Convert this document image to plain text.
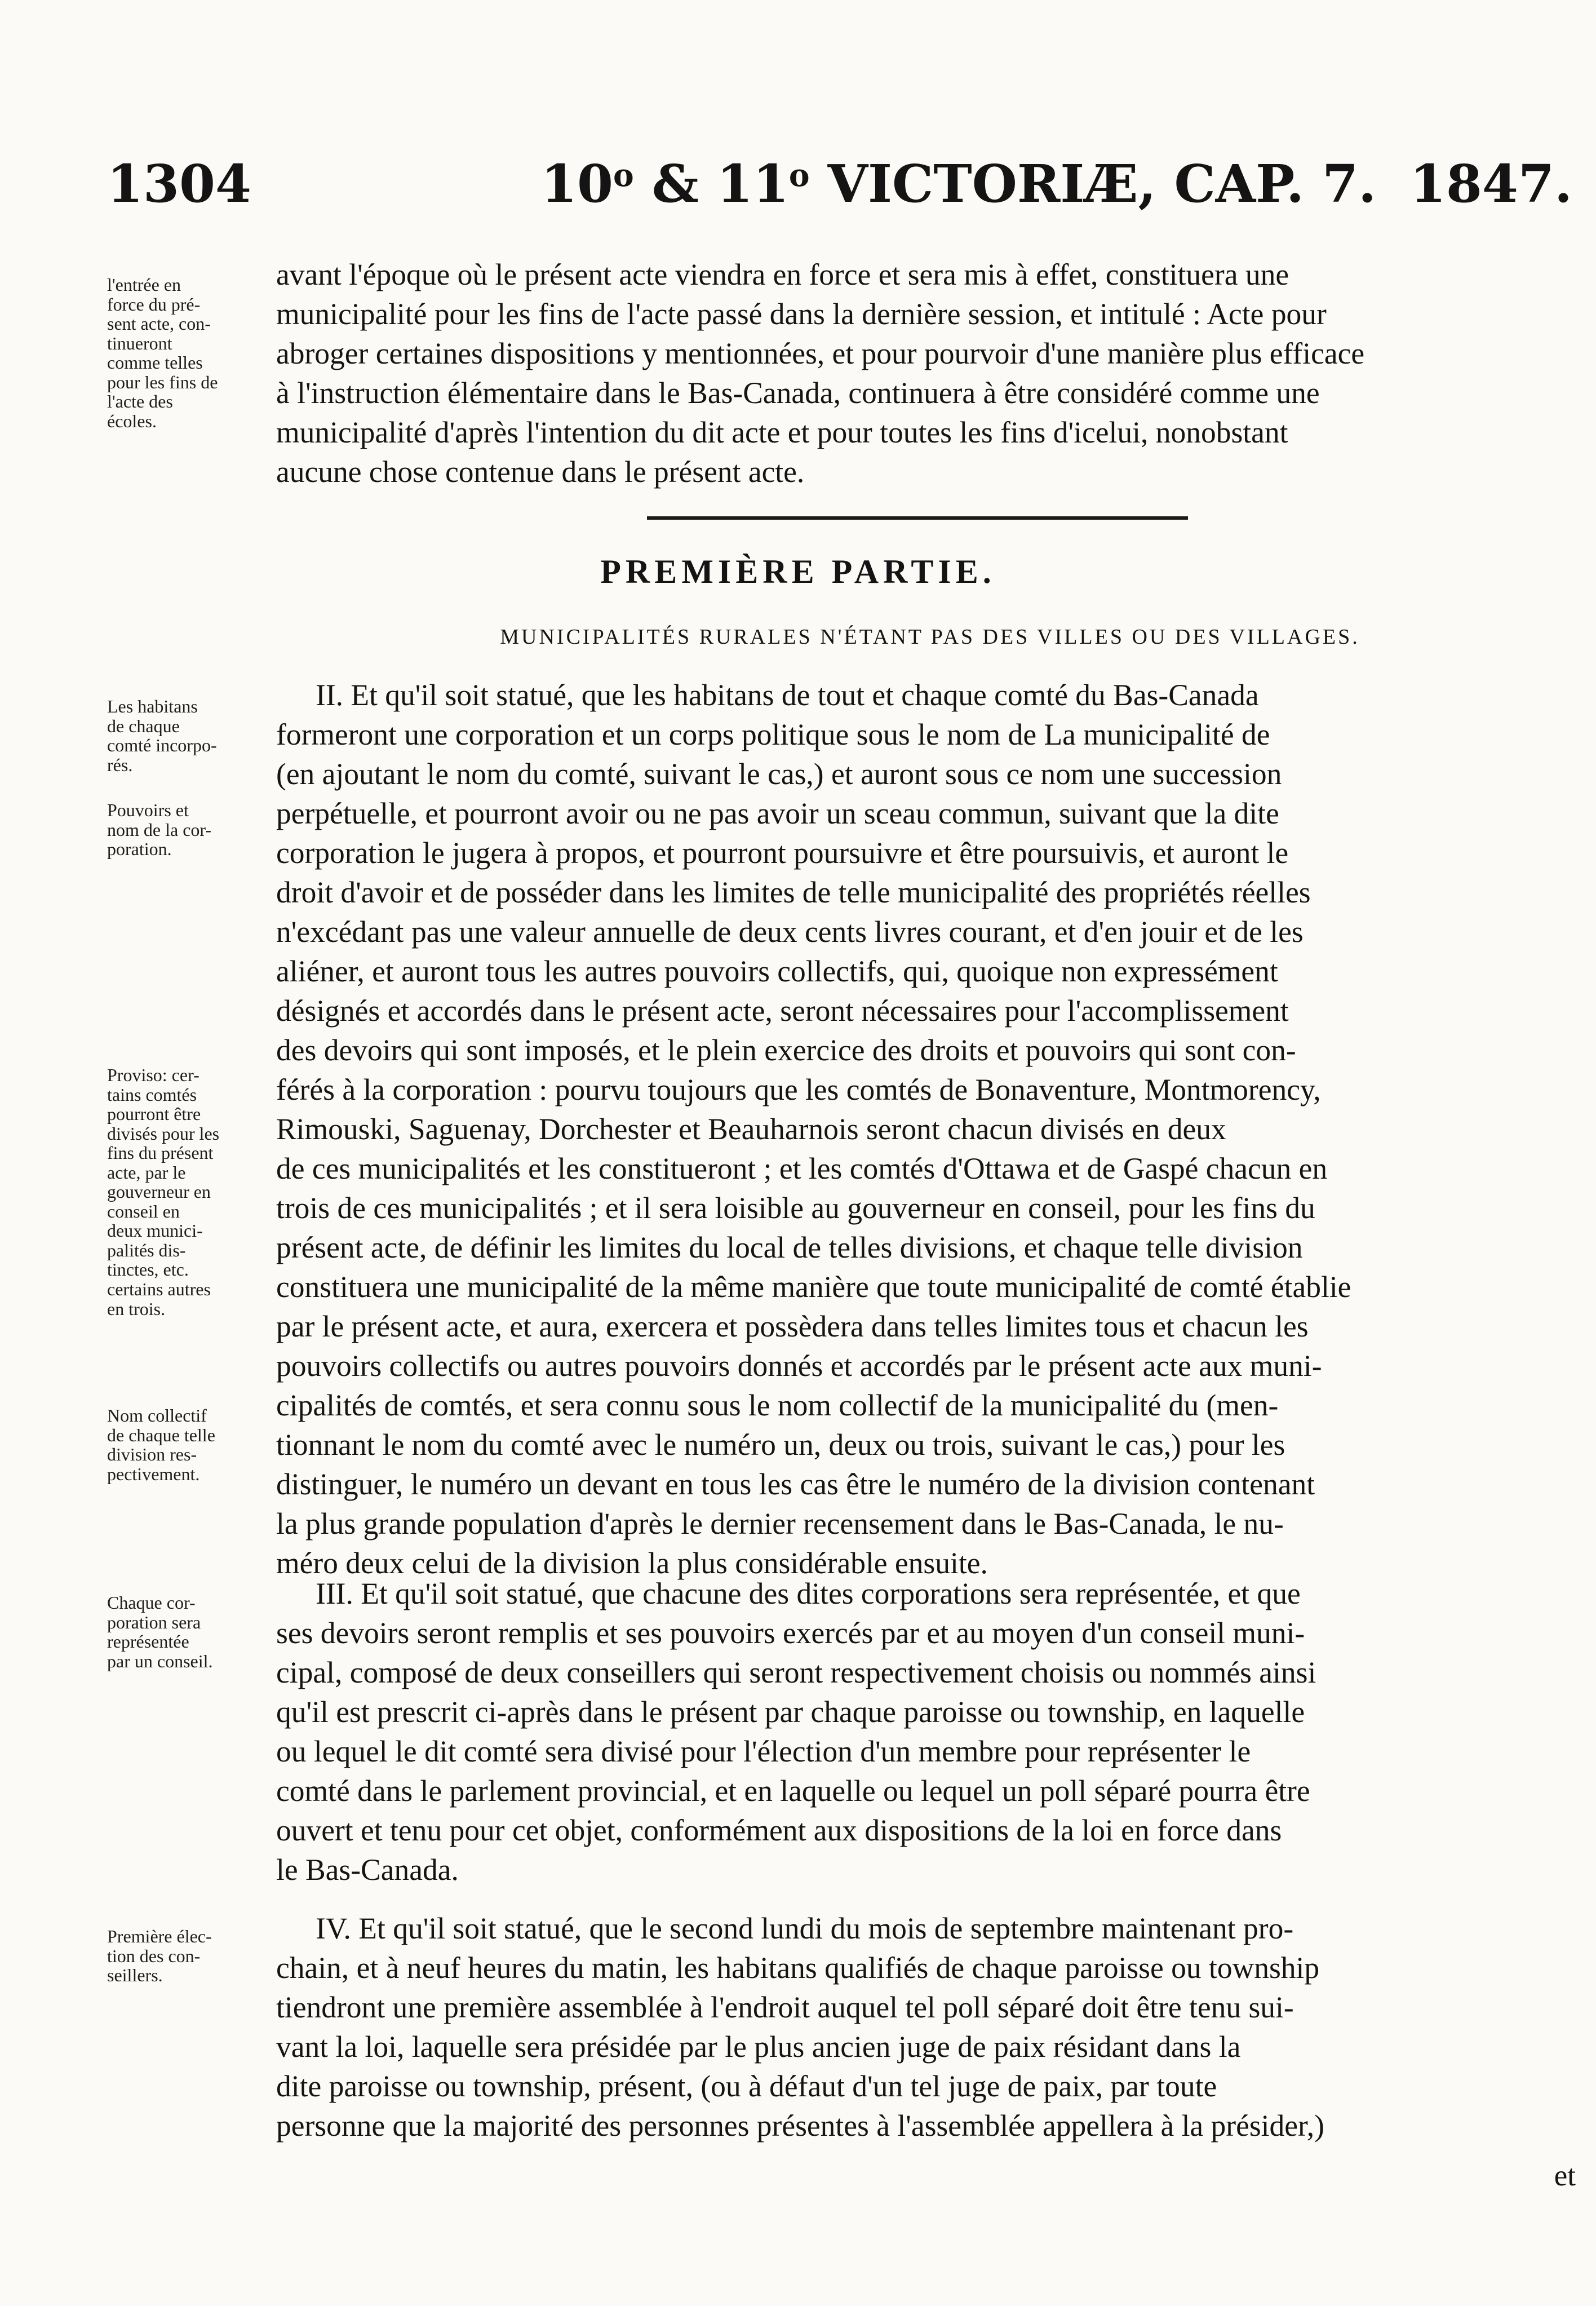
1304	10$^o$ & 11$^o$ VICTORIÆ, CAP. 7. 1847.
l'entrée en
force du pré-
sent acte, con-
tinueront
comme telles
pour les fins de
l'acte des
écoles.
Les habitans
de chaque
comté incorpo-
rés.
Pouvoirs et
nom de la cor-
poration.
Proviso: cer-
tains comtés
pourront être
divisés pour les
fins du présent
acte, par le
gouverneur en
conseil en
deux munici-
palités dis-
tinctes, etc.
certains autres
en trois.
Nom collectif
de chaque telle
division res-
pectivement.
Chaque cor-
poration sera
représentée
par un conseil.
Première élec-
tion des con-
seillers.
avant l'époque où le présent acte viendra en force et sera mis à effet, constituera une
municipalité pour les fins de l'acte passé dans la dernière session, et intitulé : Acte pour
abroger certaines dispositions y mentionnées, et pour pourvoir d'une manière plus efficace
à l'instruction élémentaire dans le Bas-Canada, continuera à être considéré comme une
municipalité d'après l'intention du dit acte et pour toutes les fins d'icelui, nonobstant
aucune chose contenue dans le présent acte.
PREMIÈRE PARTIE.
MUNICIPALITÉS RURALES N'ÉTANT PAS DES VILLES OU DES VILLAGES.
II. Et qu'il soit statué, que les habitans de tout et chaque comté du Bas-Canada
formeront une corporation et un corps politique sous le nom de La municipalité de
(en ajoutant le nom du comté, suivant le cas,) et auront sous ce nom une succession
perpétuelle, et pourront avoir ou ne pas avoir un sceau commun, suivant que la dite
corporation le jugera à propos, et pourront poursuivre et être poursuivis, et auront le
droit d'avoir et de posséder dans les limites de telle municipalité des propriétés réelles
n'excédant pas une valeur annuelle de deux cents livres courant, et d'en jouir et de les
aliéner, et auront tous les autres pouvoirs collectifs, qui, quoique non expressément
désignés et accordés dans le présent acte, seront nécessaires pour l'accomplissement
des devoirs qui sont imposés, et le plein exercice des droits et pouvoirs qui sont con-
férés à la corporation : pourvu toujours que les comtés de Bonaventure, Montmorency,
Rimouski, Saguenay, Dorchester et Beauharnois seront chacun divisés en deux
de ces municipalités et les constitueront ; et les comtés d'Ottawa et de Gaspé chacun en
trois de ces municipalités ; et il sera loisible au gouverneur en conseil, pour les fins du
présent acte, de définir les limites du local de telles divisions, et chaque telle division
constituera une municipalité de la même manière que toute municipalité de comté établie
par le présent acte, et aura, exercera et possèdera dans telles limites tous et chacun les
pouvoirs collectifs ou autres pouvoirs donnés et accordés par le présent acte aux muni-
cipalités de comtés, et sera connu sous le nom collectif de la municipalité du (men-
tionnant le nom du comté avec le numéro un, deux ou trois, suivant le cas,) pour les
distinguer, le numéro un devant en tous les cas être le numéro de la division contenant
la plus grande population d'après le dernier recensement dans le Bas-Canada, le nu-
méro deux celui de la division la plus considérable ensuite.
III. Et qu'il soit statué, que chacune des dites corporations sera représentée, et que
ses devoirs seront remplis et ses pouvoirs exercés par et au moyen d'un conseil muni-
cipal, composé de deux conseillers qui seront respectivement choisis ou nommés ainsi
qu'il est prescrit ci-après dans le présent par chaque paroisse ou township, en laquelle
ou lequel le dit comté sera divisé pour l'élection d'un membre pour représenter le
comté dans le parlement provincial, et en laquelle ou lequel un poll séparé pourra être
ouvert et tenu pour cet objet, conformément aux dispositions de la loi en force dans
le Bas-Canada.
IV. Et qu'il soit statué, que le second lundi du mois de septembre maintenant pro-
chain, et à neuf heures du matin, les habitans qualifiés de chaque paroisse ou township
tiendront une première assemblée à l'endroit auquel tel poll séparé doit être tenu sui-
vant la loi, laquelle sera présidée par le plus ancien juge de paix résidant dans la
dite paroisse ou township, présent, (ou à défaut d'un tel juge de paix, par toute
personne que la majorité des personnes présentes à l'assemblée appellera à la présider,)
et
